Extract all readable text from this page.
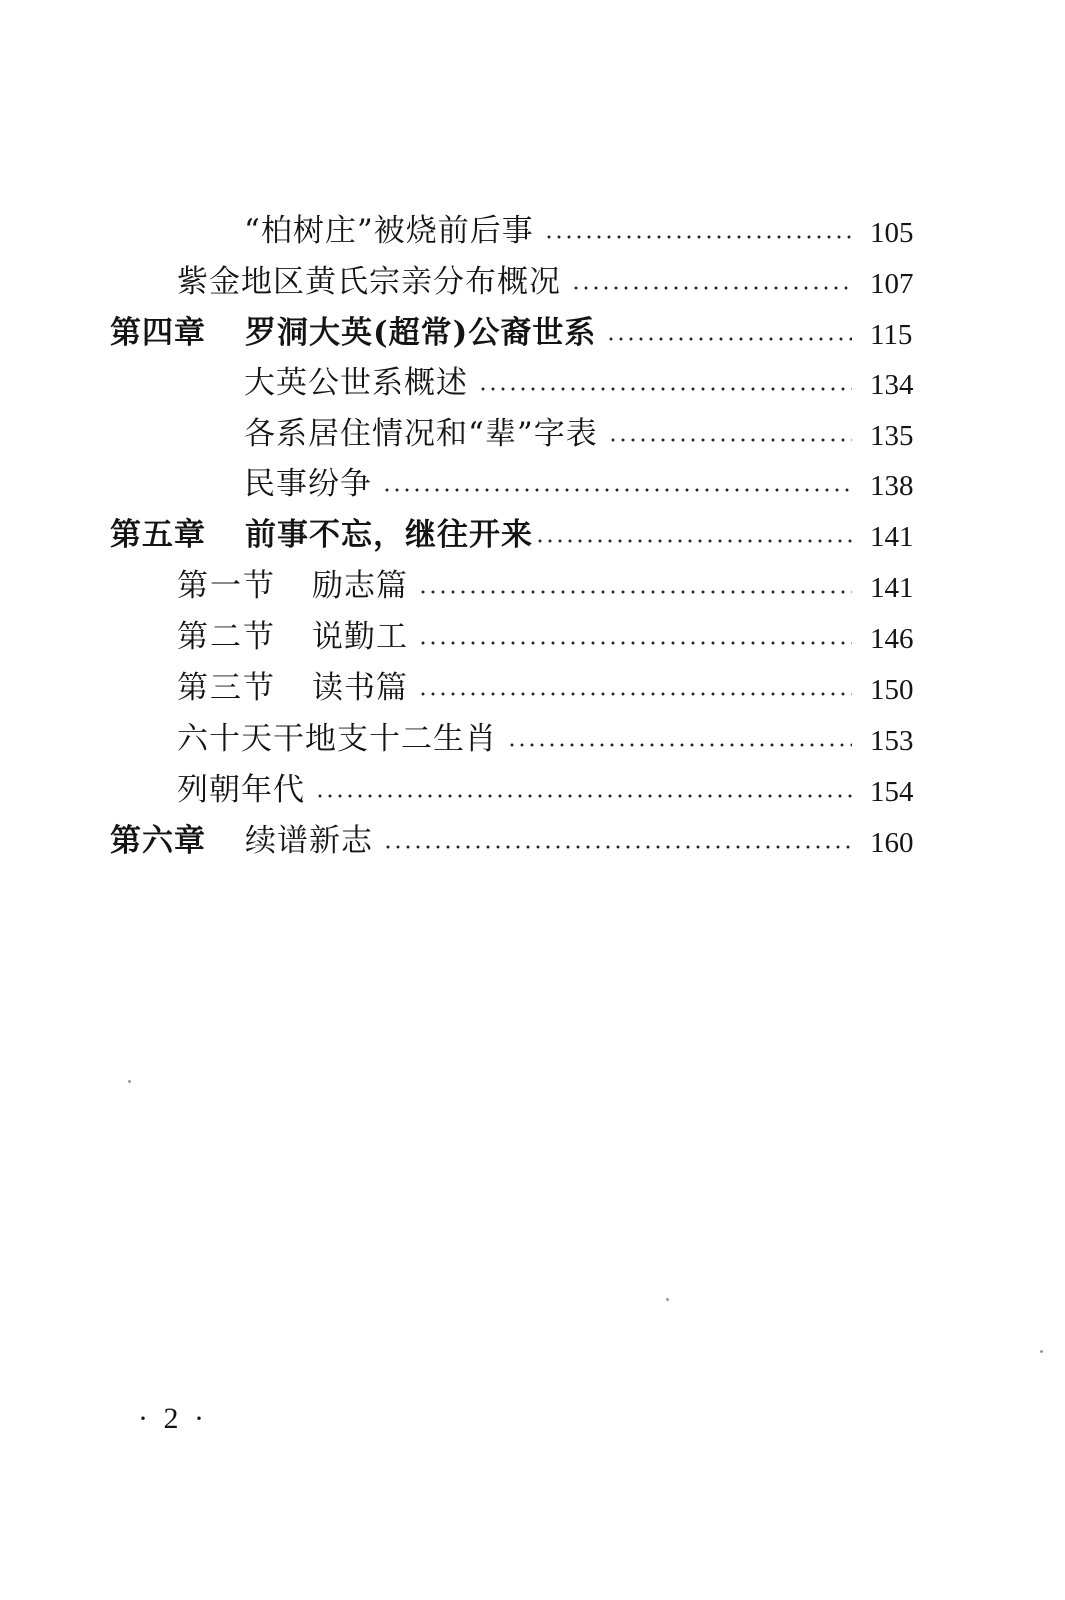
“柏树庄”被烧前后事	105
紫金地区黄氏宗亲分布概况	107
第四章	罗洞大英(超常)公裔世系	115
大英公世系概述	134
各系居住情况和“辈”字表	135
民事纷争	138
第五章	前事不忘，继往开来	141
第一节	励志篇	141
第二节	说勤工	146
第三节	读书篇	150
六十天干地支十二生肖	153
列朝年代	154
第六章	续谱新志	160
· 2 ·
